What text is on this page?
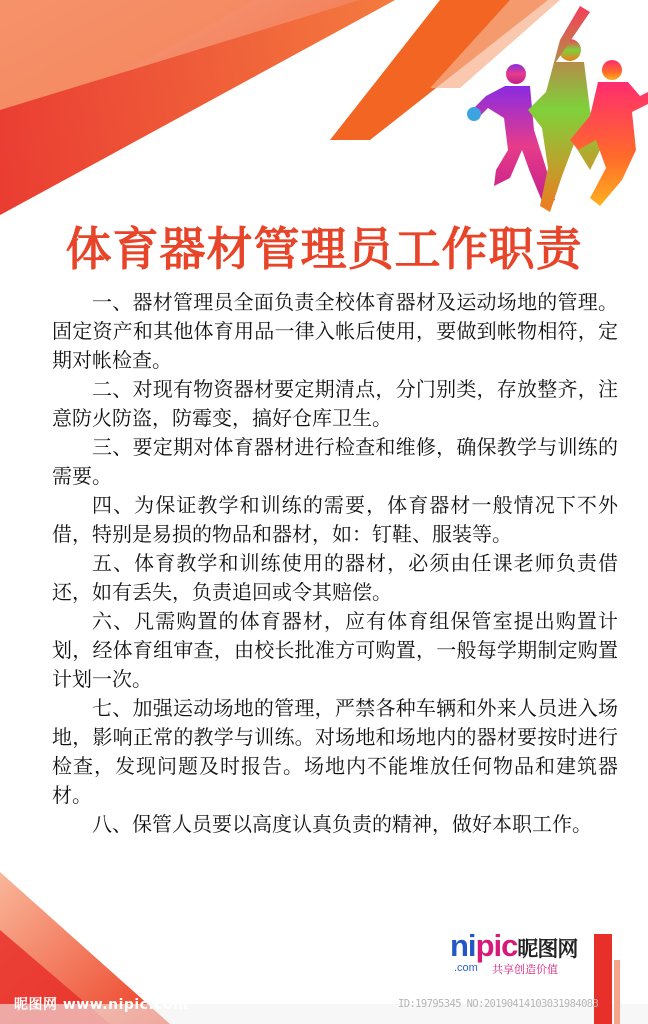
体育器材管理员工作职责

一、器材管理员全面负责全校体育器材及运动场地的管理。固定资产和其他体育用品一律入帐后使用，要做到帐物相符，定期对帐检查。

二、对现有物资器材要定期清点，分门别类，存放整齐，注意防火防盗，防霉变，搞好仓库卫生。

三、要定期对体育器材进行检查和维修，确保教学与训练的需要。

四、为保证教学和训练的需要，体育器材一般情况下不外借，特别是易损的物品和器材，如：钉鞋、服装等。

五、体育教学和训练使用的器材，必须由任课老师负责借还，如有丢失，负责追回或令其赔偿。

六、凡需购置的体育器材，应有体育组保管室提出购置计划，经体育组审查，由校长批准方可购置，一般每学期制定购置计划一次。

七、加强运动场地的管理，严禁各种车辆和外来人员进入场地，影响正常的教学与训练。对场地和场地内的器材要按时进行检查，发现问题及时报告。场地内不能堆放任何物品和建筑器材。

八、保管人员要以高度认真负责的精神，做好本职工作。

nipic昵图网
.com 共享创造价值
昵图网 www.nipic.com	ID:19795345 NO:20190414103031984083
